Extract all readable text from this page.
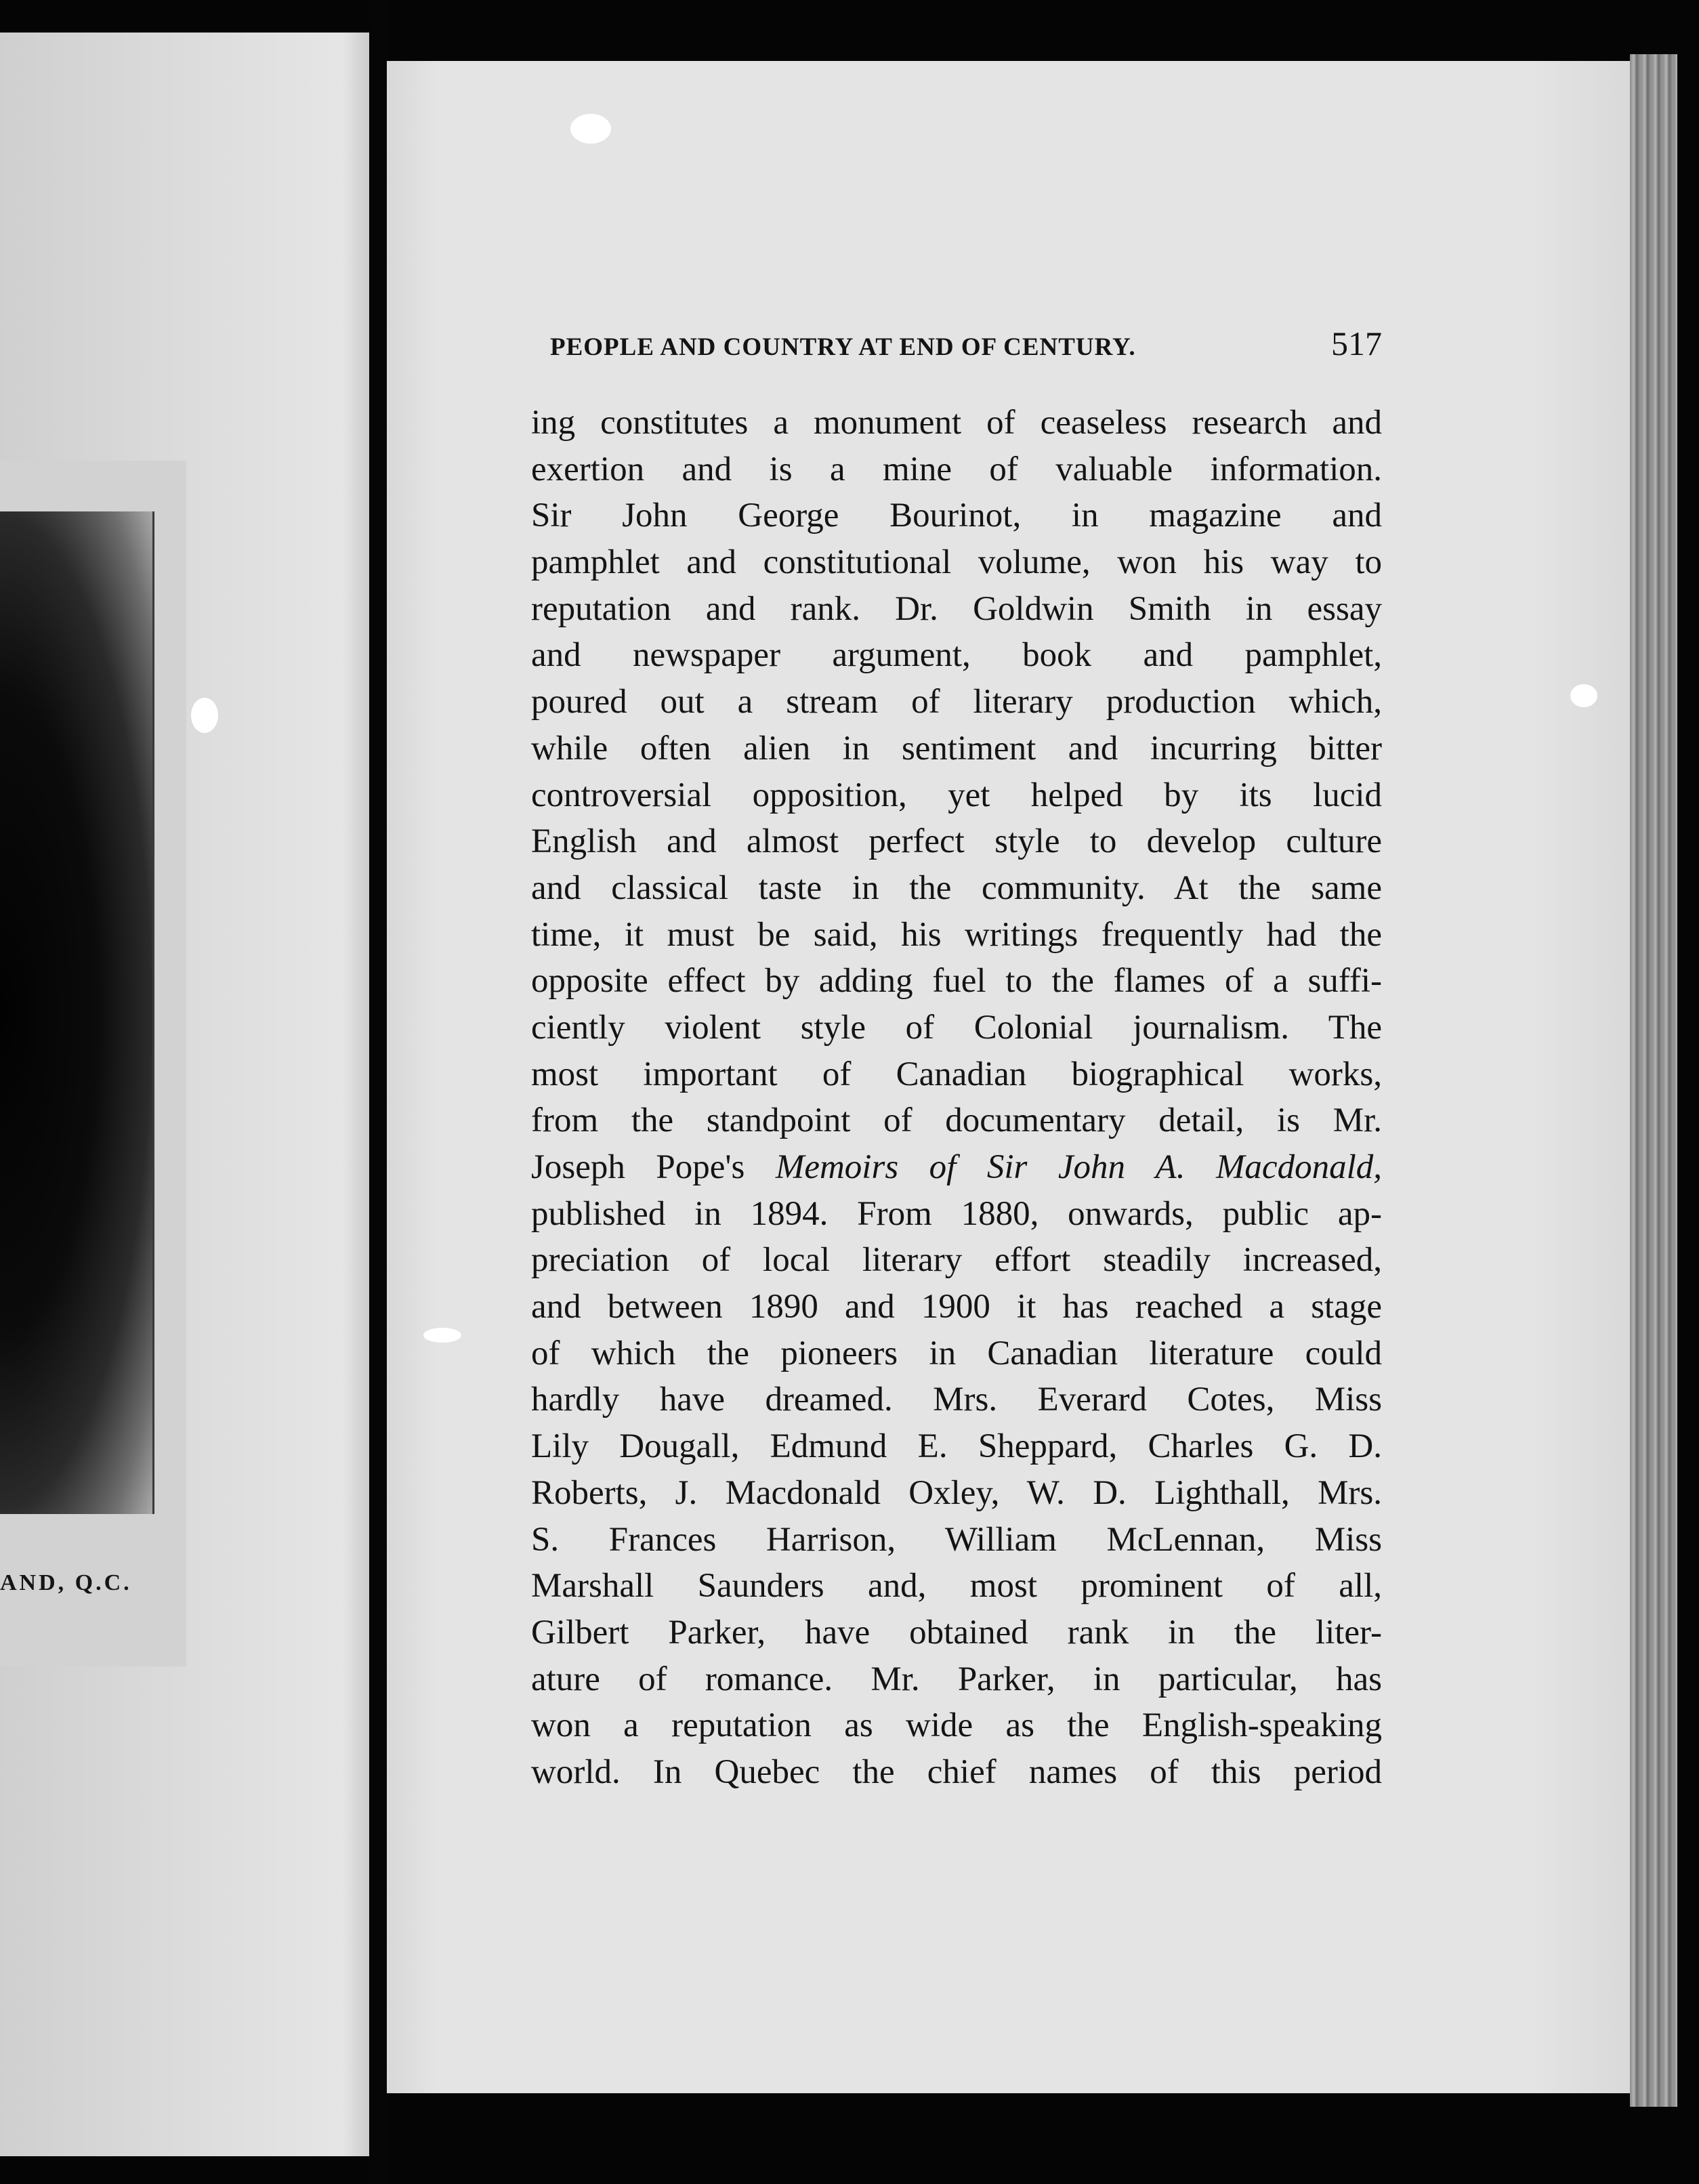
AND, Q.C.
PEOPLE AND COUNTRY AT END OF CENTURY.	517
ing constitutes a monument of ceaseless research and
exertion and is a mine of valuable information.
Sir John George Bourinot, in magazine and
pamphlet and constitutional volume, won his way to
reputation and rank. Dr. Goldwin Smith in essay
and newspaper argument, book and pamphlet,
poured out a stream of literary production which,
while often alien in sentiment and incurring bitter
controversial opposition, yet helped by its lucid
English and almost perfect style to develop culture
and classical taste in the community. At the same
time, it must be said, his writings frequently had the
opposite effect by adding fuel to the flames of a suffi-
ciently violent style of Colonial journalism. The
most important of Canadian biographical works,
from the standpoint of documentary detail, is Mr.
Joseph Pope's Memoirs of Sir John A. Macdonald,
published in 1894. From 1880, onwards, public ap-
preciation of local literary effort steadily increased,
and between 1890 and 1900 it has reached a stage
of which the pioneers in Canadian literature could
hardly have dreamed. Mrs. Everard Cotes, Miss
Lily Dougall, Edmund E. Sheppard, Charles G. D.
Roberts, J. Macdonald Oxley, W. D. Lighthall, Mrs.
S. Frances Harrison, William McLennan, Miss
Marshall Saunders and, most prominent of all,
Gilbert Parker, have obtained rank in the liter-
ature of romance. Mr. Parker, in particular, has
won a reputation as wide as the English-speaking
world. In Quebec the chief names of this period
